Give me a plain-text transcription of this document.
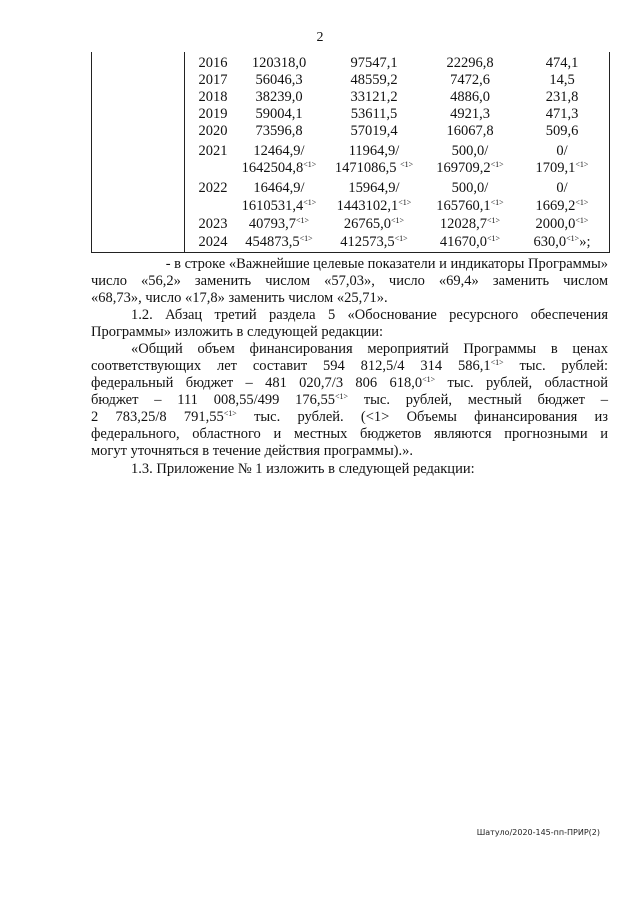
2
2016	120318,0	97547,1	22296,8	474,1
2017	56046,3	48559,2	7472,6	14,5
2018	38239,0	33121,2	4886,0	231,8
2019	59004,1	53611,5	4921,3	471,3
2020	73596,8	57019,4	16067,8	509,6
2021	12464,9/	11964,9/	500,0/	0/
$1642504,8^{<1>}$	1471086,5 $^{<1>}$	$169709,2^{<1>}$	$1709,1^{<1>}$
2022	16464,9/	15964,9/	500,0/	0/
$1610531,4^{<1>}$	$1443102,1^{<1>}$	$165760,1^{<1>}$	$1669,2^{<1>}$
2023	$40793,7^{<1>}$	$26765,0^{<1>}$	$12028,7^{<1>}$	$2000,0^{<1>}$
2024	$454873,5^{<1>}$	$412573,5^{<1>}$	$41670,0^{<1>}$	$630,0^{<1>}$»;
- в строке «Важнейшие целевые показатели и индикаторы Программы»
число «56,2» заменить числом «57,03», число «69,4» заменить числом
«68,73», число «17,8» заменить числом «25,71».
1.2. Абзац третий раздела 5 «Обоснование ресурсного обеспечения
Программы» изложить в следующей редакции:
«Общий объем финансирования мероприятий Программы в ценах
соответствующих лет составит 594 812,5/4 314 $586,1^{<1>}$ тыс. рублей:
федеральный бюджет – 481 020,7/3 806 $618,0^{<1>}$ тыс. рублей, областной
бюджет – 111 008,55/499 $176,55^{<1>}$ тыс. рублей, местный бюджет –
2 783,25/8 $791,55^{<1>}$ тыс. рублей. (<1> Объемы финансирования из
федерального, областного и местных бюджетов являются прогнозными и
могут уточняться в течение действия программы).».
1.3. Приложение № 1 изложить в следующей редакции:
Шатуло/2020-145-пп-ПРИР(2)
